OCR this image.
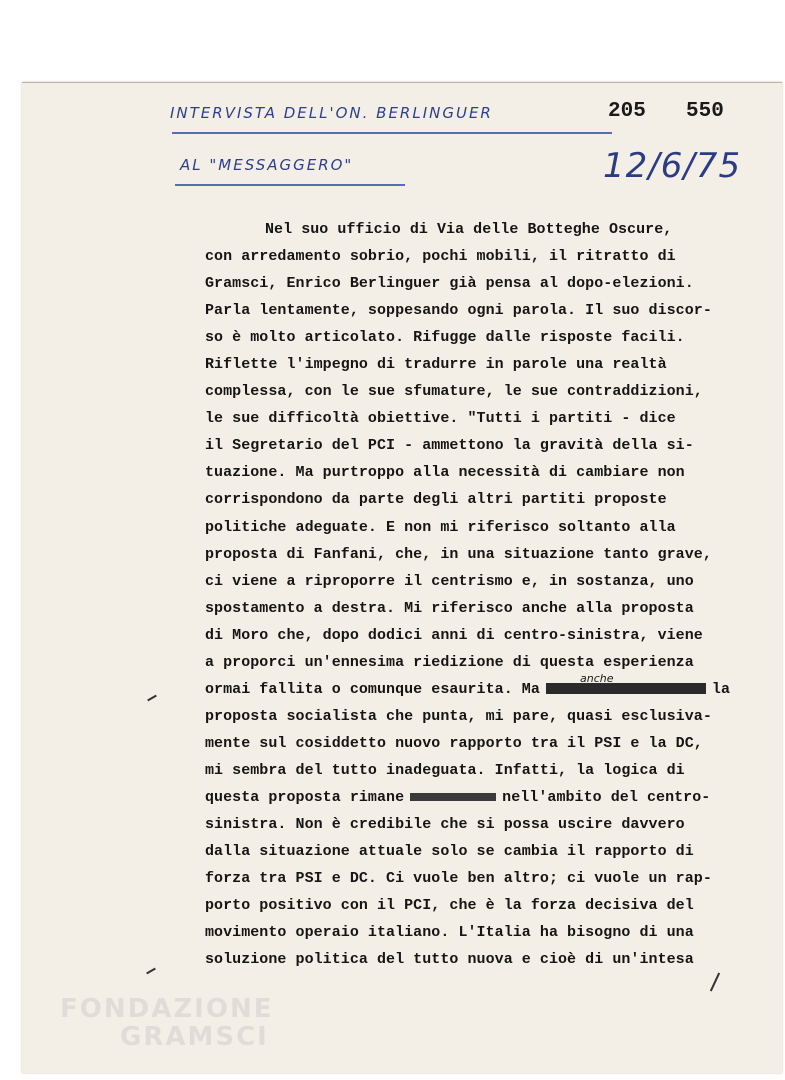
INTERVISTA DELL'ON. BERLINGUER
AL "MESSAGGERO"
205 550
12/6/75
Nel suo ufficio di Via delle Botteghe Oscure,
con arredamento sobrio, pochi mobili, il ritratto di
Gramsci, Enrico Berlinguer già pensa al dopo-elezioni.
Parla lentamente, soppesando ogni parola. Il suo discor-
so è molto articolato. Rifugge dalle risposte facili.
Riflette l'impegno di tradurre in parole una realtà
complessa, con le sue sfumature, le sue contraddizioni,
le sue difficoltà obiettive. "Tutti i partiti - dice
il Segretario del PCI - ammettono la gravità della si-
tuazione. Ma purtroppo alla necessità di cambiare non
corrispondono da parte degli altri partiti proposte
politiche adeguate. E non mi riferisco soltanto alla
proposta di Fanfani, che, in una situazione tanto grave,
ci viene a riproporre il centrismo e, in sostanza, uno
spostamento a destra. Mi riferisco anche alla proposta
di Moro che, dopo dodici anni di centro-sinistra, viene
a proporci un'ennesima riedizione di questa esperienza
ormai fallita o comunque esaurita. Ma	la
proposta socialista che punta, mi pare, quasi esclusiva-
mente sul cosiddetto nuovo rapporto tra il PSI e la DC,
mi sembra del tutto inadeguata. Infatti, la logica di
questa proposta rimane	nell'ambito del centro-
sinistra. Non è credibile che si possa uscire davvero
dalla situazione attuale solo se cambia il rapporto di
forza tra PSI e DC. Ci vuole ben altro; ci vuole un rap-
porto positivo con il PCI, che è la forza decisiva del
movimento operaio italiano. L'Italia ha bisogno di una
soluzione politica del tutto nuova e cioè di un'intesa
anche
FONDAZIONE
GRAMSCI
